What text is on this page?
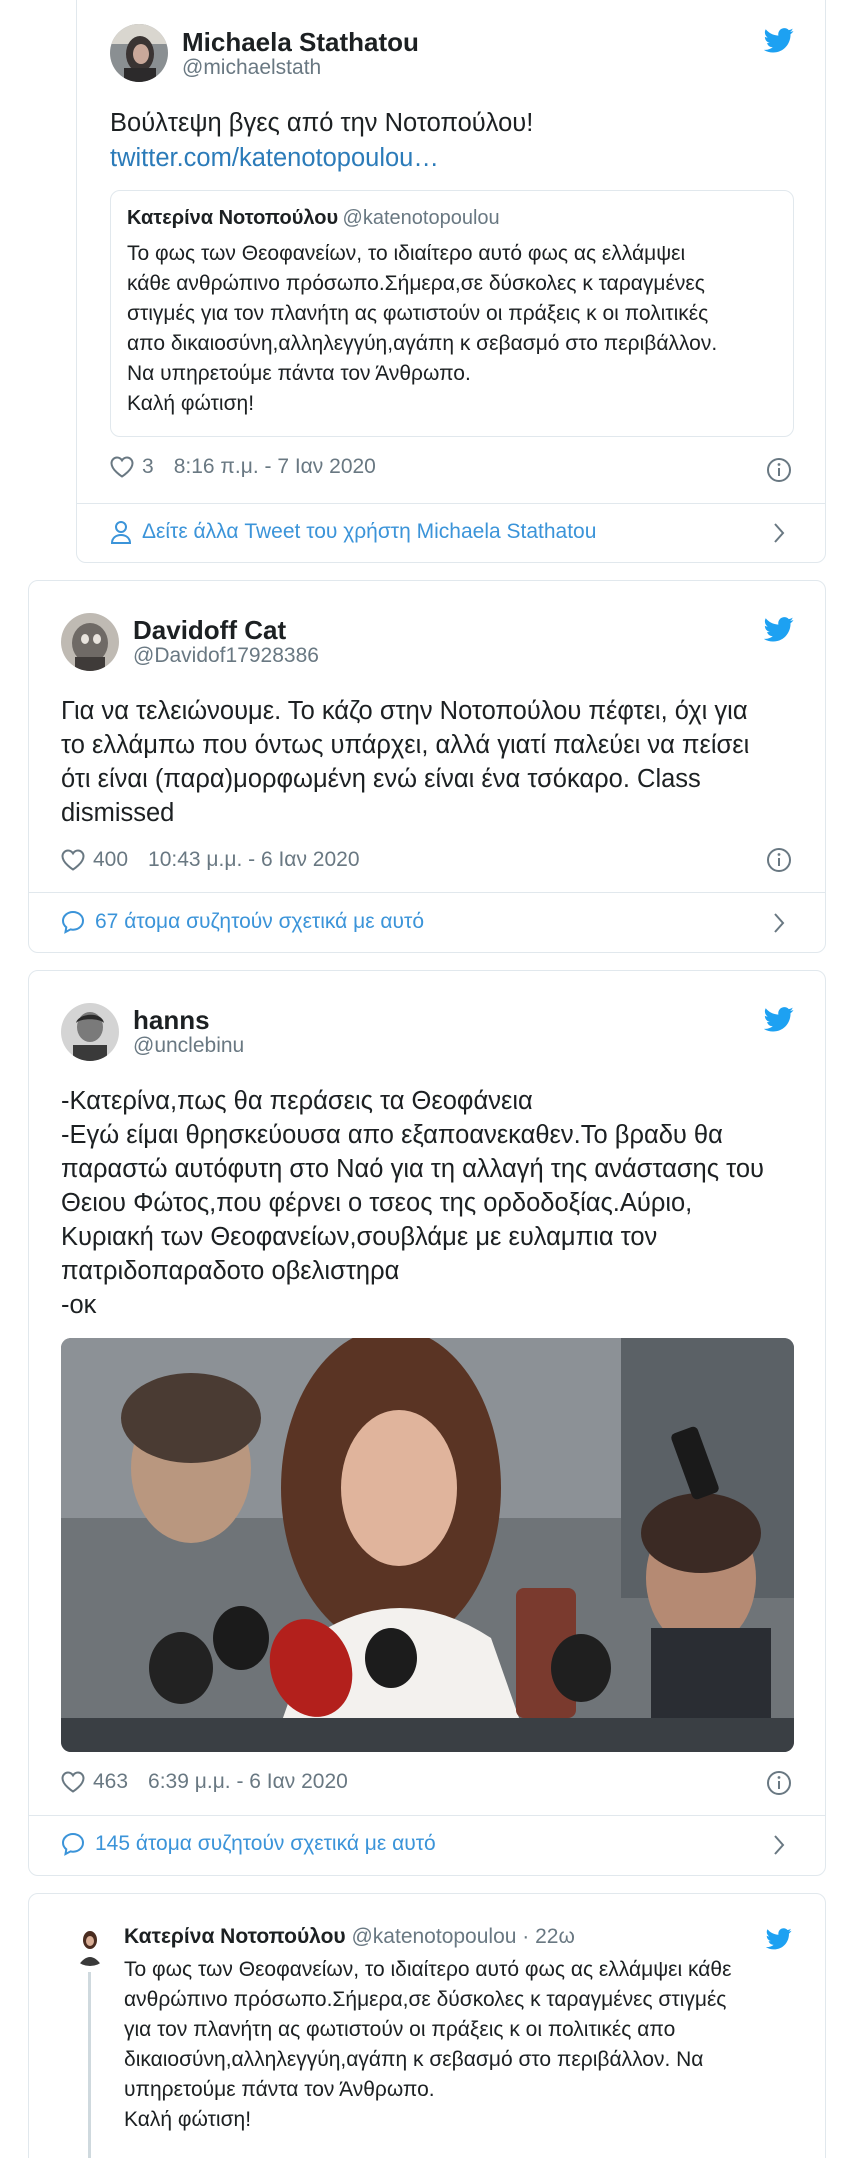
Michaela Stathatou
@michaelstath
Βούλτεψη βγες από την Νοτοπούλου!
twitter.com/katenotopoulou…
Κατερίνα Νοτοπούλου @katenotopoulou
Το φως των Θεοφανείων, το ιδιαίτερο αυτό φως ας ελλάμψει
κάθε ανθρώπινο πρόσωπο.Σήμερα,σε δύσκολες κ ταραγμένες
στιγμές για τον πλανήτη ας φωτιστούν οι πράξεις κ οι πολιτικές
απο δικαιοσύνη,αλληλεγγύη,αγάπη κ σεβασμό στο περιβάλλον.
Να υπηρετούμε πάντα τον Άνθρωπο.
Καλή φώτιση!
3 8:16 π.μ. - 7 Ιαν 2020
Δείτε άλλα Tweet του χρήστη Michaela Stathatou
Davidoff Cat
@Davidof17928386
Για να τελειώνουμε. Το κάζο στην Νοτοπούλου πέφτει, όχι για
το ελλάμπω που όντως υπάρχει, αλλά γιατί παλεύει να πείσει
ότι είναι (παρα)μορφωμένη ενώ είναι ένα τσόκαρο. Class
dismissed
400 10:43 μ.μ. - 6 Ιαν 2020
67 άτομα συζητούν σχετικά με αυτό
hanns
@unclebinu
-Κατερίνα,πως θα περάσεις τα Θεοφάνεια
-Εγώ είμαι θρησκεύουσα απο εξαποανεκαθεν.Το βραδυ θα
παραστώ αυτόφυτη στο Ναό για τη αλλαγή της ανάστασης του
Θειου Φώτος,που φέρνει ο τσεος της ορδοδοξίας.Αύριο,
Κυριακή των Θεοφανείων,σουβλάμε με ευλαμπια τον
πατριδοπαραδοτο οβελιστηρα
-οκ
463 6:39 μ.μ. - 6 Ιαν 2020
145 άτομα συζητούν σχετικά με αυτό
Κατερίνα Νοτοπούλου @katenotopoulou · 22ω
Το φως των Θεοφανείων, το ιδιαίτερο αυτό φως ας ελλάμψει κάθε
ανθρώπινο πρόσωπο.Σήμερα,σε δύσκολες κ ταραγμένες στιγμές
για τον πλανήτη ας φωτιστούν οι πράξεις κ οι πολιτικές απο
δικαιοσύνη,αλληλεγγύη,αγάπη κ σεβασμό στο περιβάλλον. Να
υπηρετούμε πάντα τον Άνθρωπο.
Καλή φώτιση!
